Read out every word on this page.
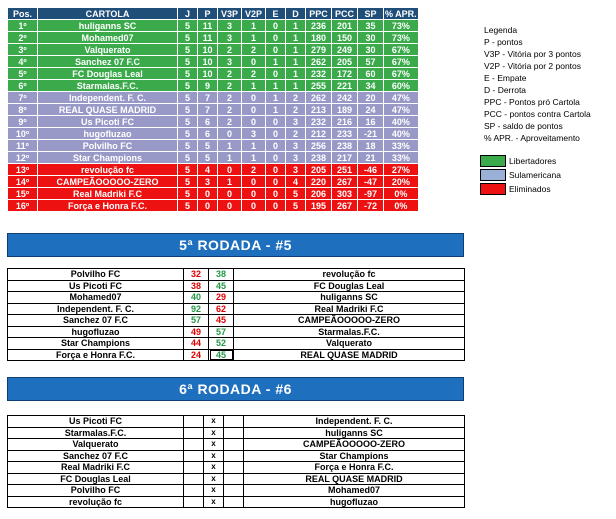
Pos.	CARTOLA	J	P	V3P	V2P	E	D	PPC	PCC	SP	% APR.
1º	huliganns SC	5	11	3	1	0	1	236	201	35	73%
2º	Mohamed07	5	11	3	1	0	1	180	150	30	73%
3º	Valquerato	5	10	2	2	0	1	279	249	30	67%
4º	Sanchez 07 F.C	5	10	3	0	1	1	262	205	57	67%
5º	FC Douglas Leal	5	10	2	2	0	1	232	172	60	67%
6º	Starmalas.F.C.	5	9	2	1	1	1	255	221	34	60%
7º	Independent. F. C.	5	7	2	0	1	2	262	242	20	47%
8º	REAL QUASE MADRID	5	7	2	0	1	2	213	189	24	47%
9º	Us Picoti FC	5	6	2	0	0	3	232	216	16	40%
10º	hugofluzao	5	6	0	3	0	2	212	233	-21	40%
11º	Polvilho FC	5	5	1	1	0	3	256	238	18	33%
12º	Star Champions	5	5	1	1	0	3	238	217	21	33%
13º	revolução fc	5	4	0	2	0	3	205	251	-46	27%
14º	CAMPEÃOOOOO-ZERO	5	3	1	0	0	4	220	267	-47	20%
15º	Real Madriki F.C	5	0	0	0	0	5	206	303	-97	0%
16º	Força e Honra F.C.	5	0	0	0	0	5	195	267	-72	0%
Legenda
P - pontos
V3P - Vitória por 3 pontos
V2P - Vitória por 2 pontos
E - Empate
D - Derrota
PPC - Pontos pró Cartola
PCC - pontos contra Cartola
SP - saldo de pontos
% APR. - Aproveitamento
Libertadores
Sulamericana
Eliminados
5ª RODADA - #5
Polvilho FC	32	38	revolução fc
Us Picoti FC	38	45	FC Douglas Leal
Mohamed07	40	29	huliganns SC
Independent. F. C.	92	62	Real Madriki F.C
Sanchez 07 F.C	57	45	CAMPEÃOOOOO-ZERO
hugofluzao	49	57	Starmalas.F.C.
Star Champions	44	52	Valquerato
Força e Honra F.C.	24	45	REAL QUASE MADRID
6ª RODADA - #6
Us Picoti FC		x		Independent. F. C.
Starmalas.F.C.		x		huliganns SC
Valquerato		x		CAMPEÃOOOOO-ZERO
Sanchez 07 F.C		x		Star Champions
Real Madriki F.C		x		Força e Honra F.C.
FC Douglas Leal		x		REAL QUASE MADRID
Polvilho FC		x		Mohamed07
revolução fc		x		hugofluzao
